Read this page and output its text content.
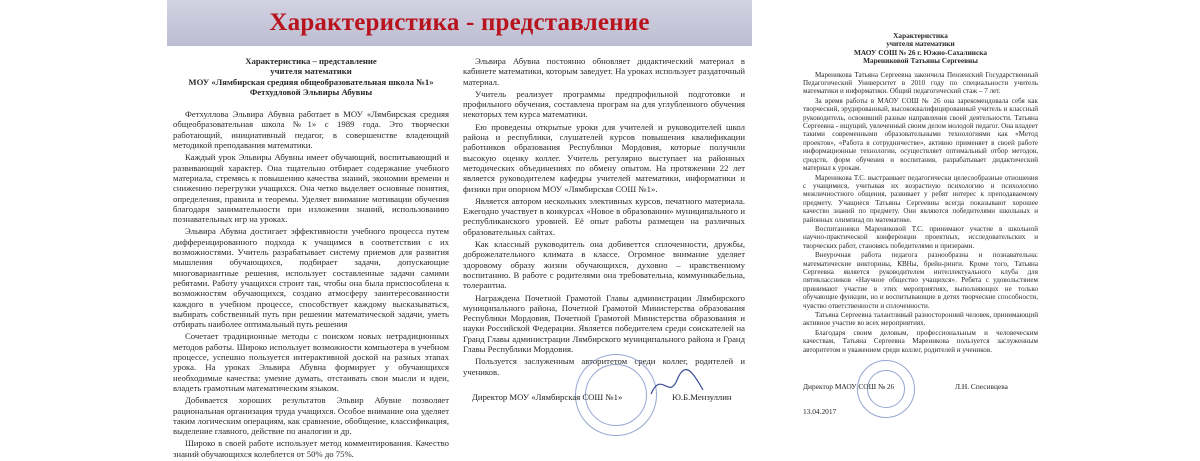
Характеристика - представление
Характеристика – представление
учителя математики
МОУ «Лямбирская средняя общеобразовательная школа №1»
Фетхудловой Эльвиры Абувны

Фетхуллова Эльвира Абувна работает в МОУ «Лямбирская средняя общеобразовательная школа №1» с 1989 года. Это творчески работающий, инициативный педагог, в совершенстве владеющий методикой преподавания математики.

Каждый урок Эльвиры Абувны имеет обучающий, воспитывающий и развивающий характер. Она тщательно отбирает содержание учебного материала, стремясь к повышению качества знаний, экономии времени и снижению перегрузки учащихся. Она четко выделяет основные понятия, определения, правила и теоремы. Уделяет внимание мотивации обучения благодаря занимательности при изложении знаний, использованию познавательных игр на уроках.

Эльвира Абувна достигает эффективности учебного процесса путем дифференцированного подхода к учащимся в соответствии с их возможностями. Учитель разрабатывает систему приемов для развития мышления обучающихся, подбирает задачи, допускающие многовариантные решения, использует составленные задачи самими ребятами. Работу учащихся строит так, чтобы она была приспособлена к возможностям обучающихся, создано атмосферу заинтересованности каждого в учебном процессе, способствует каждому высказываться, выбирать собственный путь при решении математической задачи, уметь отбирать наиболее оптимальный путь решения

Сочетает традиционные методы с поиском новых нетрадиционных методов работы. Широко использует возможности компьютера в учебном процессе, успешно пользуется интерактивной доской на разных этапах урока. На уроках Эльвира Абувна формирует у обучающихся необходимые качества: умение думать, отстаивать свои мысли и идеи, владеть грамотным математическим языком.

Добивается хороших результатов Эльвир Абувне позволяет рациональная организация труда учащихся. Особое внимание она уделяет таким логическим операциям, как сравнение, обобщение, классификация, выделение главного, действие по аналогии и др.

Широко в своей работе использует метод комментирования. Качество знаний обучающихся колеблется от 50% до 75%.

Эльвира Абувна постоянно обновляет дидактический материал в кабинете математики, которым заведует. На уроках использует раздаточный материал.

Учитель реализует программы предпрофильной подготовки и профильного обучения, составлена програм на для углубленного обучения некоторых тем курса математики.

Ею проведены открытые уроки для учителей и руководителей школ района и республики, слушателей курсов повышения квалификации работников образования Республики Мордовия, которые получили высокую оценку коллег. Учитель регулярно выступает на районных методических объединениях по обмену опытом. На протяжении 22 лет является руководителем кафедры учителей математики, информатики и физики при опорном МОУ «Лямбирская СОШ №1».

Является автором нескольких элективных курсов, печатного материала. Ежегодно участвует в конкурсах «Новое в образовании» муниципального и республиканского уровней. Её опыт работы размещен на различных образовательных сайтах.

Как классный руководитель она добиветтся сплоченности, дружбы, доброжелательного климата в классе. Огромное внимание уделяет здоровому образу жизни обучающихся, духовно – нравственному воспитанию. В работе с родителями она требовательна, коммуникабельна, толерантна.

Награждена Почетной Грамотой Главы администрации Лямбирского муниципального района, Почетной Грамотой Министерства образования Республики Мордовия, Почетной Грамотой Министерства образования и науки Российской Федерации. Является победителем среди соискателей на Гранд Главы администрации Лямбирского муниципального района и Гранд Главы Республики Мордовия.

Пользуется заслуженным авторитетом среди коллег, родителей и учеников.

Директор МОУ «Лямбирская СОШ №1»	Ю.Б.Мензуллин
Характеристика
учителя математики
МАОУ СОШ № 26 г. Южно-Сахалинска
Марениковой Татьяны Сергеевны

Мареникова Татьяна Сергеевна закончила Пензенский Государственный Педагогический Университет в 2010 году по специальности учитель математики и информатики. Общий педагогический стаж – 7 лет.

За время работы в МАОУ СОШ № 26 она зарекомендовала себя как творческий, эрудированный, высококвалифицированный учитель и классный руководитель, освоивший разные направления своей деятельности. Татьяна Сергеевна - ищущий, увлеченный своим делом молодой педагог. Она владеет такими современными образовательными технологиями как «Метод проектов», «Работа в сотрудничестве», активно применяет в своей работе информационные технологии, осуществляет оптимальный отбор методов, средств, форм обучения и воспитания, разрабатывает дидактический материал к урокам.

Мареникова Т.С. выстраивает педагогически целесообразные отношения с учащимися, учитывая их возрастную психологию и психологию межличностного общения, развивает у ребят интерес к преподаваемому предмету. Учащиеся Татьяны Сергеевны всегда показывают хорошее качество знаний по предмету. Они являются победителями школьных и районных олимпиад по математике.

Воспитанники Марениковой Т.С. принимают участие в школьной научно-практической конференции проектных, исследовательских и творческих работ, становясь победителями и призерами.

Внеурочная работа педагога разнообразна и познавательна: математические викторины, КВНы, брейн-ринги. Кроме того, Татьяна Сергеевна является руководителем интеллектуального клуба для пятиклассников «Научное общество учащихся». Ребята с удовольствием принимают участие в этих мероприятиях, выполняющих не только обучающие функции, но и воспитывающие в детях творческие способности, чувство ответственности и сплоченности.

Татьяна Сергеевна талантливый разносторонний человек, принимающий активное участие во всех мероприятиях.

Благодаря своим деловым, профессиональным и человеческим качествам, Татьяна Сергеевна Мареникова пользуется заслуженным авторитетом и уважением среди коллег, родителей и учеников.

Директор МАОУ СОШ № 26	Л.Н. Спесивцева
13.04.2017
